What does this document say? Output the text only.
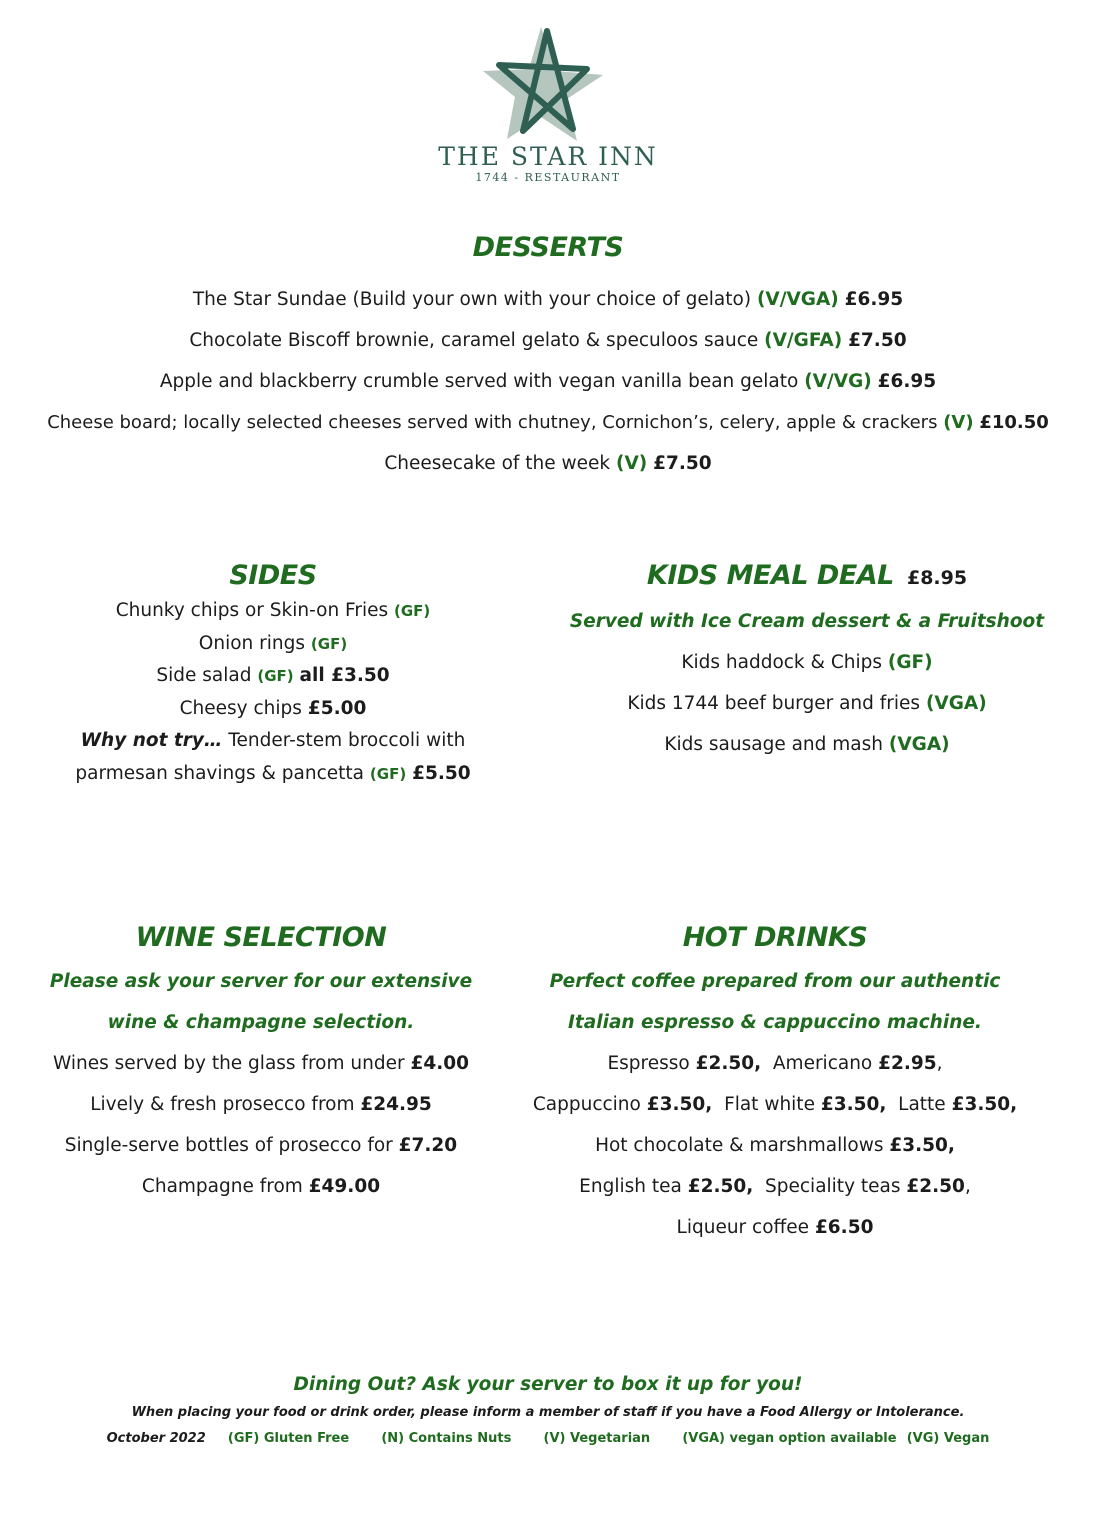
THE STAR INN
1744 - RESTAURANT
DESSERTS
The Star Sundae (Build your own with your choice of gelato) (V/VGA) £6.95
Chocolate Biscoff brownie, caramel gelato & speculoos sauce (V/GFA) £7.50
Apple and blackberry crumble served with vegan vanilla bean gelato (V/VG) £6.95
Cheese board; locally selected cheeses served with chutney, Cornichon’s, celery, apple & crackers (V) £10.50
Cheesecake of the week (V) £7.50
SIDES
Chunky chips or Skin-on Fries (GF)
Onion rings (GF)
Side salad (GF) all £3.50
Cheesy chips £5.00
Why not try… Tender-stem broccoli with
parmesan shavings & pancetta (GF) £5.50
KIDS MEAL DEAL £8.95
Served with Ice Cream dessert & a Fruitshoot
Kids haddock & Chips (GF)
Kids 1744 beef burger and fries (VGA)
Kids sausage and mash (VGA)
WINE SELECTION
Please ask your server for our extensive
wine & champagne selection.
Wines served by the glass from under £4.00
Lively & fresh prosecco from £24.95
Single-serve bottles of prosecco for £7.20
Champagne from £49.00
HOT DRINKS
Perfect coffee prepared from our authentic
Italian espresso & cappuccino machine.
Espresso £2.50, Americano £2.95,
Cappuccino £3.50, Flat white £3.50, Latte £3.50,
Hot chocolate & marshmallows £3.50,
English tea £2.50, Speciality teas £2.50,
Liqueur coffee £6.50
Dining Out? Ask your server to box it up for you!
When placing your food or drink order, please inform a member of staff if you have a Food Allergy or Intolerance.
October 2022 (GF) Gluten Free (N) Contains Nuts (V) Vegetarian (VGA) vegan option available (VG) Vegan
